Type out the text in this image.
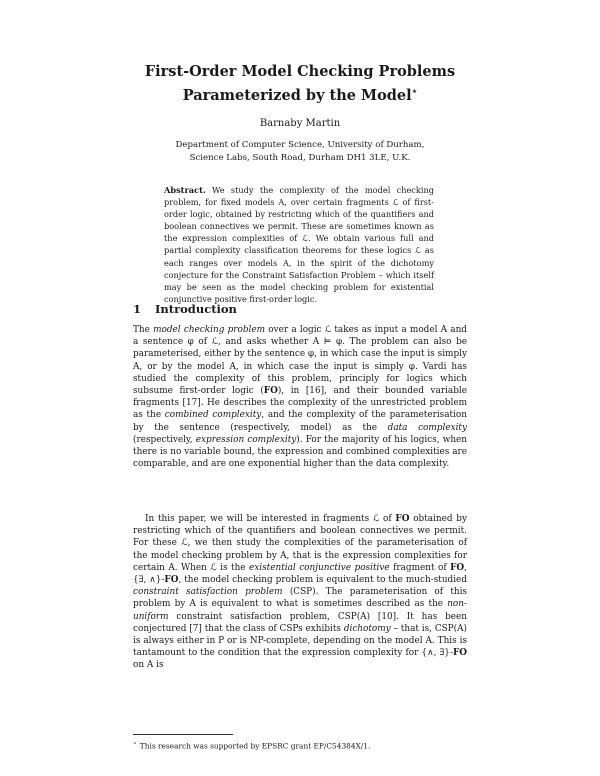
First-Order Model Checking Problems
Parameterized by the Model⋆
Barnaby Martin
Department of Computer Science, University of Durham,
Science Labs, South Road, Durham DH1 3LE, U.K.
Abstract. We study the complexity of the model checking problem, for fixed models A, over certain fragments ℒ of first-order logic, obtained by restricting which of the quantifiers and boolean connectives we permit. These are sometimes known as the expression complexities of ℒ. We obtain various full and partial complexity classification theorems for these logics ℒ as each ranges over models A, in the spirit of the dichotomy conjecture for the Constraint Satisfaction Problem – which itself may be seen as the model checking problem for existential conjunctive positive first-order logic.
1 Introduction
The model checking problem over a logic ℒ takes as input a model A and a sentence φ of ℒ, and asks whether A ⊨ φ. The problem can also be parameterised, either by the sentence φ, in which case the input is simply A, or by the model A, in which case the input is simply φ. Vardi has studied the complexity of this problem, principly for logics which subsume first-order logic (FO), in [16], and their bounded variable fragments [17]. He describes the complexity of the unrestricted problem as the combined complexity, and the complexity of the parameterisation by the sentence (respectively, model) as the data complexity (respectively, expression complexity). For the majority of his logics, when there is no variable bound, the expression and combined complexities are comparable, and are one exponential higher than the data complexity.
In this paper, we will be interested in fragments ℒ of FO obtained by restricting which of the quantifiers and boolean connectives we permit. For these ℒ, we then study the complexities of the parameterisation of the model checking problem by A, that is the expression complexities for certain A. When ℒ is the existential conjunctive positive fragment of FO, {∃, ∧}-FO, the model checking problem is equivalent to the much-studied constraint satisfaction problem (CSP). The parameterisation of this problem by A is equivalent to what is sometimes described as the non-uniform constraint satisfaction problem, CSP(A) [10]. It has been conjectured [7] that the class of CSPs exhibits dichotomy – that is, CSP(A) is always either in P or is NP-complete, depending on the model A. This is tantamount to the condition that the expression complexity for {∧, ∃}-FO on A is
⋆ This research was supported by EPSRC grant EP/C54384X/1.
